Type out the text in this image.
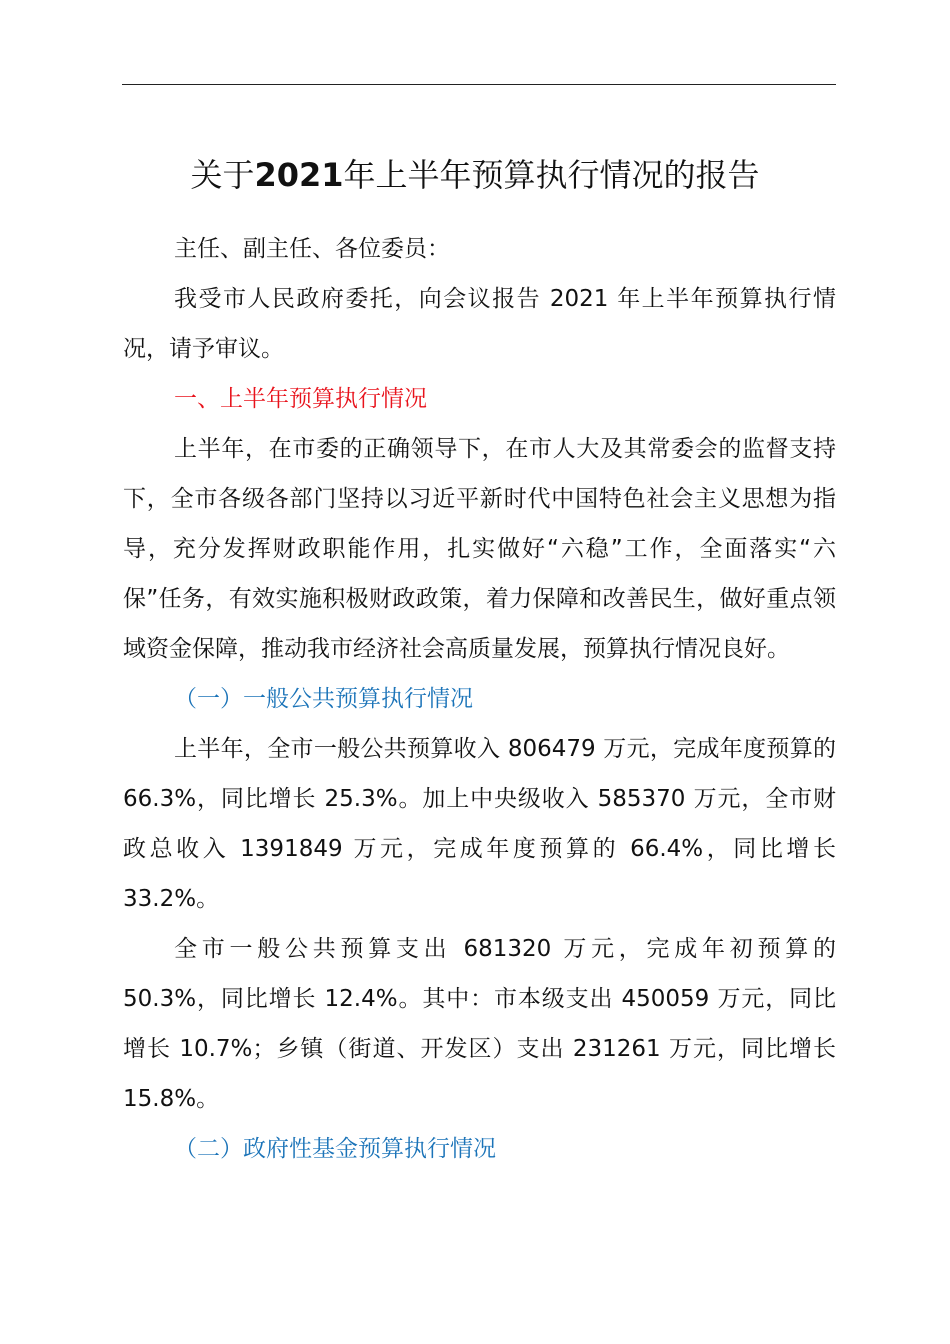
关于2021年上半年预算执行情况的报告

主任、副主任、各位委员：

我受市人民政府委托，向会议报告 2021 年上半年预算执行情况，请予审议。

一、上半年预算执行情况

上半年，在市委的正确领导下，在市人大及其常委会的监督支持下，全市各级各部门坚持以习近平新时代中国特色社会主义思想为指导，充分发挥财政职能作用，扎实做好“六稳”工作，全面落实“六保”任务，有效实施积极财政政策，着力保障和改善民生，做好重点领域资金保障，推动我市经济社会高质量发展，预算执行情况良好。

（一）一般公共预算执行情况

上半年，全市一般公共预算收入 806479 万元，完成年度预算的 66.3%，同比增长 25.3%。加上中央级收入 585370 万元，全市财政总收入 1391849 万元，完成年度预算的 66.4%，同比增长 33.2%。

全市一般公共预算支出 681320 万元，完成年初预算的 50.3%，同比增长 12.4%。其中：市本级支出 450059 万元，同比增长 10.7%；乡镇（街道、开发区）支出 231261 万元，同比增长 15.8%。

（二）政府性基金预算执行情况
